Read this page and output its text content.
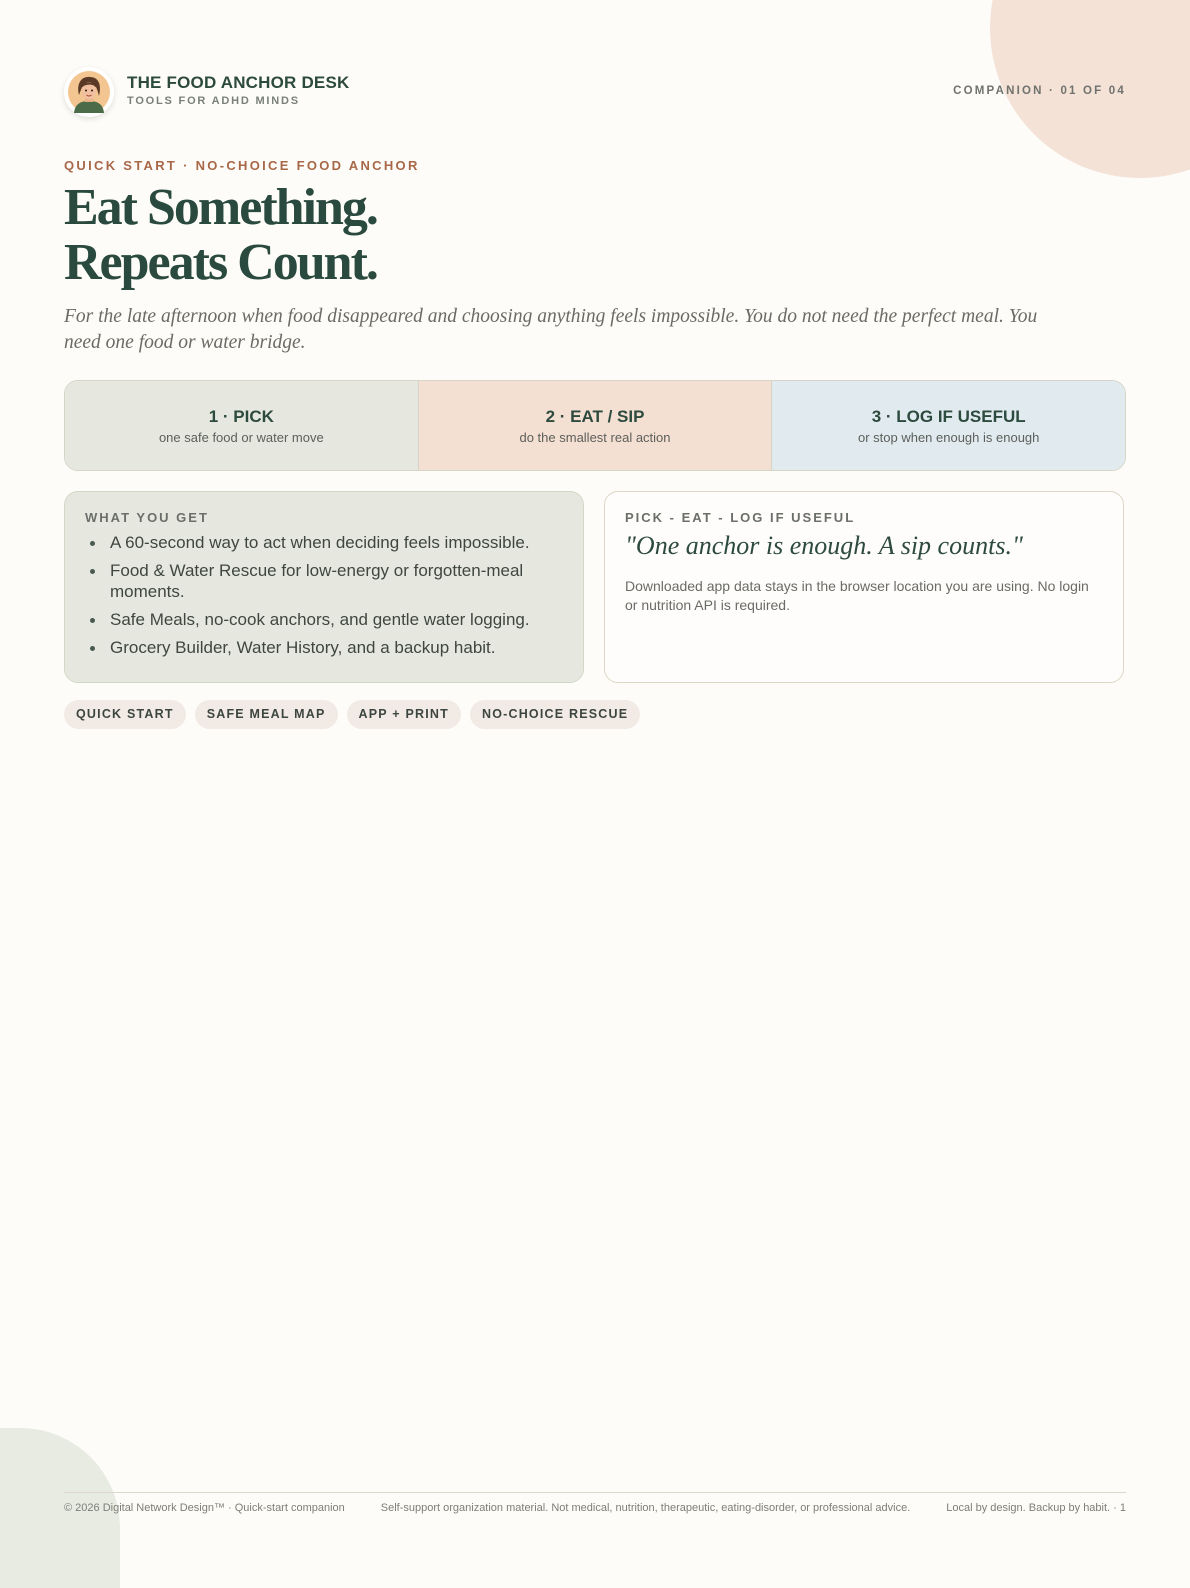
THE FOOD ANCHOR DESK
TOOLS FOR ADHD MINDS
COMPANION · 01 OF 04
QUICK START · NO-CHOICE FOOD ANCHOR
Eat Something.
Repeats Count.

For the late afternoon when food disappeared and choosing anything feels impossible. You do not need the perfect meal. You need one food or water bridge.

1 · PICK
one safe food or water move
2 · EAT / SIP
do the smallest real action
3 · LOG IF USEFUL
or stop when enough is enough
WHAT YOU GET
A 60-second way to act when deciding feels impossible.
Food & Water Rescue for low-energy or forgotten-meal moments.
Safe Meals, no-cook anchors, and gentle water logging.
Grocery Builder, Water History, and a backup habit.
PICK - EAT - LOG IF USEFUL
"One anchor is enough. A sip counts."
Downloaded app data stays in the browser location you are using. No login or nutrition API is required.
QUICK START	SAFE MEAL MAP	APP + PRINT	NO-CHOICE RESCUE
© 2026 Digital Network Design™ · Quick-start companion	Self-support organization material. Not medical, nutrition, therapeutic, eating-disorder, or professional advice.	Local by design. Backup by habit. · 1
